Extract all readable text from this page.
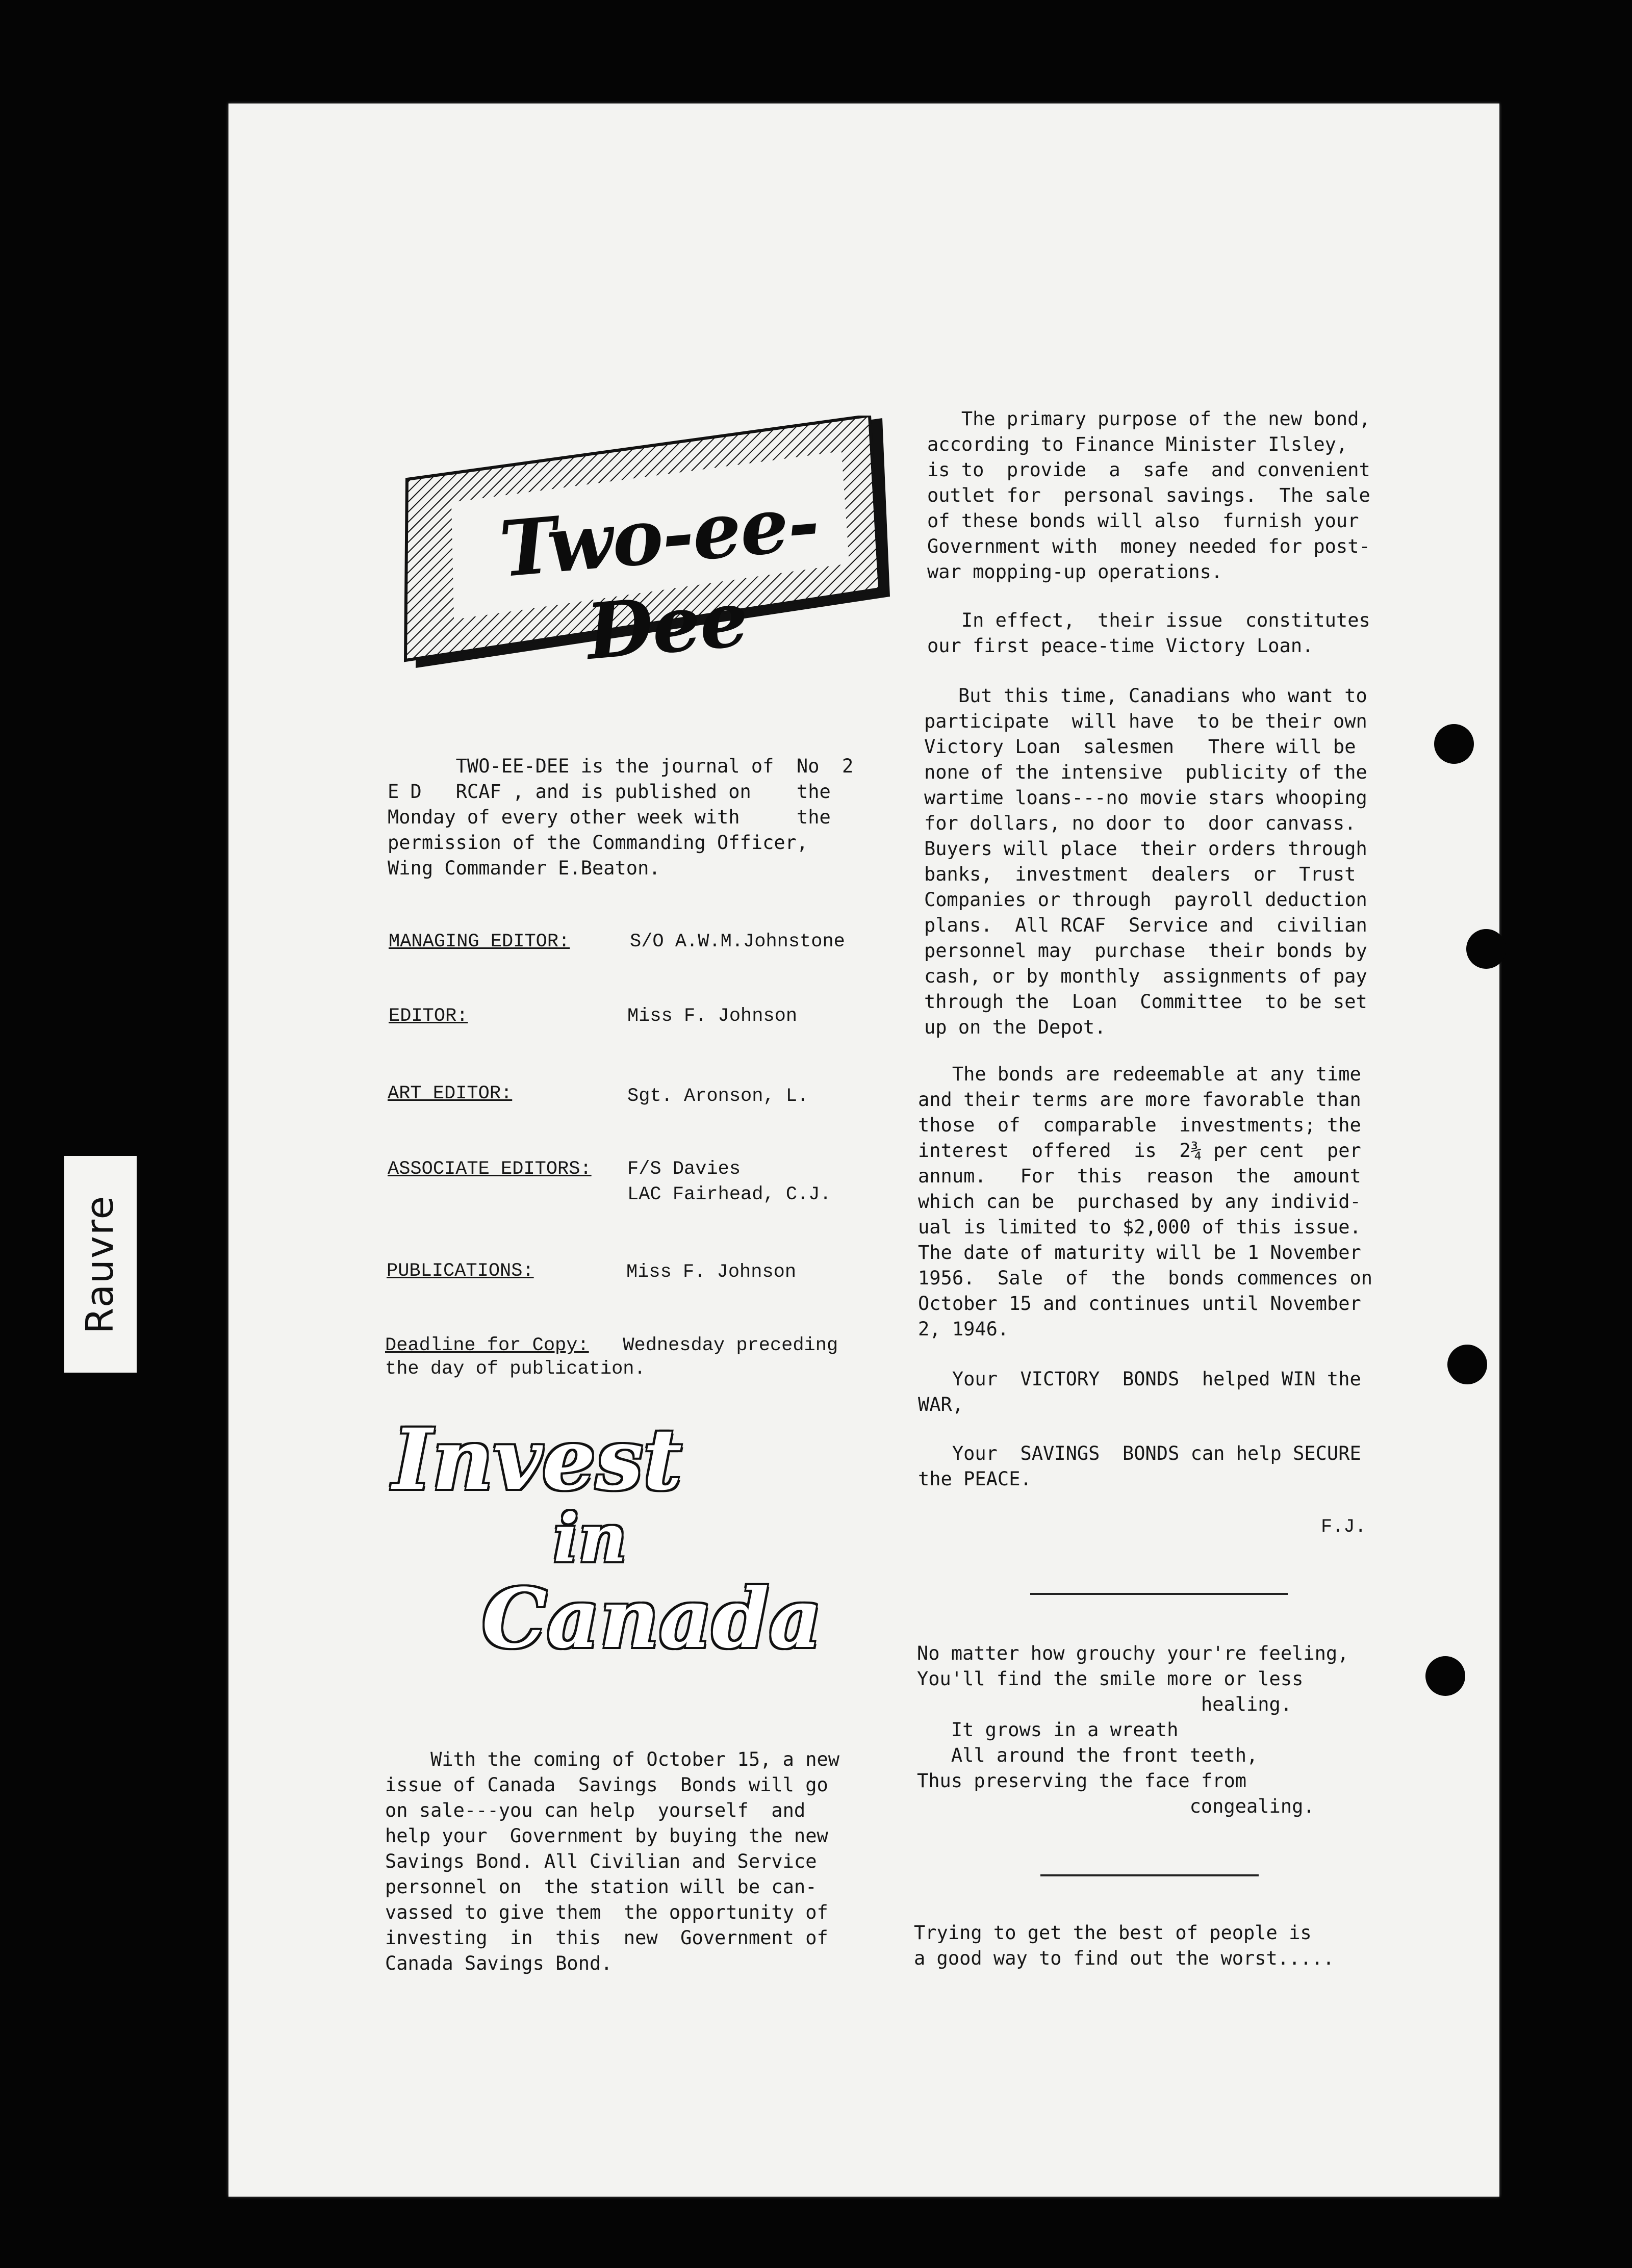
Rauvre
Two-ee-Dee
TWO-EE-DEE is the journal of  No  2
E D   RCAF , and is published on    the
Monday of every other week with     the
permission of the Commanding Officer,
Wing Commander E.Beaton.
MANAGING EDITOR:	S/O A.W.M.Johnstone
EDITOR:	Miss F. Johnson
ART EDITOR:	Sgt. Aronson, L.
ASSOCIATE EDITORS: F/S Davies
LAC Fairhead, C.J.
PUBLICATIONS:	Miss F. Johnson
Deadline for Copy:   Wednesday preceding
the day of publication.
Invest
in
Canada
With the coming of October 15, a new
issue of Canada  Savings  Bonds will go
on sale---you can help  yourself  and
help your  Government by buying the new
Savings Bond. All Civilian and Service
personnel on  the station will be can-
vassed to give them  the opportunity of
investing  in  this  new  Government of
Canada Savings Bond.
The primary purpose of the new bond,
according to Finance Minister Ilsley,
is to  provide  a  safe  and convenient
outlet for  personal savings.  The sale
of these bonds will also  furnish your
Government with  money needed for post-
war mopping-up operations.
In effect,  their issue  constitutes
our first peace-time Victory Loan.
But this time, Canadians who want to
participate  will have  to be their own
Victory Loan  salesmen   There will be
none of the intensive  publicity of the
wartime loans---no movie stars whooping
for dollars, no door to  door canvass.
Buyers will place  their orders through
banks,  investment  dealers  or  Trust
Companies or through  payroll deduction
plans.  All RCAF  Service and  civilian
personnel may  purchase  their bonds by
cash, or by monthly  assignments of pay
through the  Loan  Committee  to be set
up on the Depot.
The bonds are redeemable at any time
and their terms are more favorable than
those  of  comparable  investments; the
interest  offered  is  2¾ per cent  per
annum.   For  this  reason  the  amount
which can be  purchased by any individ-
ual is limited to $2,000 of this issue.
The date of maturity will be 1 November
1956.  Sale  of  the  bonds commences on
October 15 and continues until November
2, 1946.
Your  VICTORY  BONDS  helped WIN the
WAR,
Your  SAVINGS  BONDS can help SECURE
the PEACE.
F.J.
No matter how grouchy your're feeling,
You'll find the smile more or less
healing.
It grows in a wreath
All around the front teeth,
Thus preserving the face from
congealing.
Trying to get the best of people is
a good way to find out the worst.....
